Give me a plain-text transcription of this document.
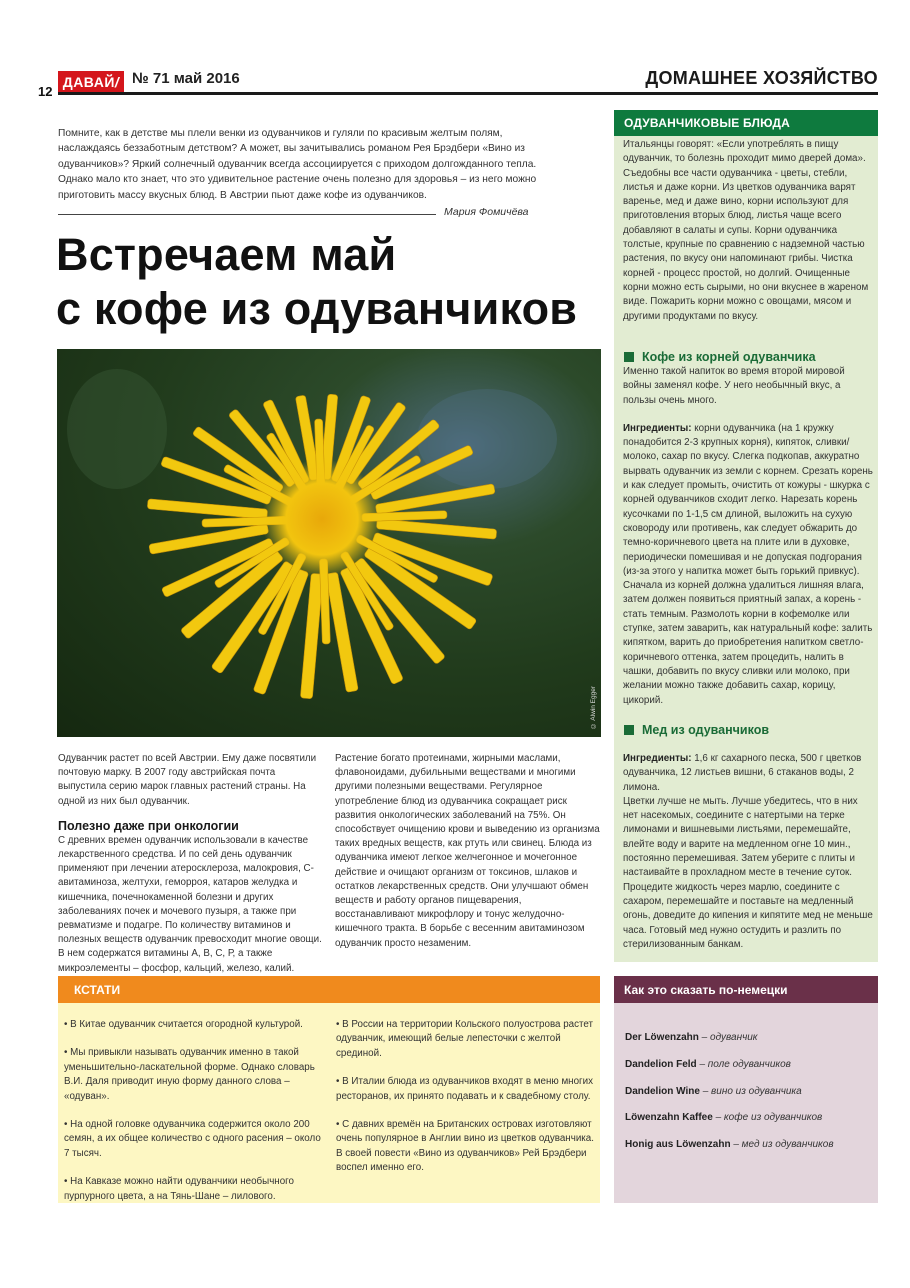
12
ДАВАЙ/ № 71 май 2016	ДОМАШНЕЕ ХОЗЯЙСТВО
Помните, как в детстве мы плели венки из одуванчиков и гуляли по красивым желтым полям, наслаждаясь беззаботным детством? А может, вы зачитывались романом Рея Брэдбери «Вино из одуванчиков»? Яркий солнечный одуванчик всегда ассоциируется с приходом долгожданного тепла. Однако мало кто знает, что это удивительное растение очень полезно для здоровья – из него можно приготовить массу вкусных блюд. В Австрии пьют даже кофе из одуванчиков.
Мария Фомичёва
Встречаем май
с кофе из одуванчиков
© Alwin Egger

Одуванчик растет по всей Австрии. Ему даже посвятили почтовую марку. В 2007 году австрийская почта выпустила серию марок главных растений страны. На одной из них был одуванчик.

Полезно даже при онкологии

С древних времен одуванчик использовали в качестве лекарственного средства. И по сей день одуванчик применяют при лечении атеросклероза, малокровия, С-авитаминоза, желтухи, геморроя, катаров желудка и кишечника, почечнокаменной болезни и других заболеваниях почек и мочевого пузыря, а также при ревматизме и подагре. По количеству витаминов и полезных веществ одуванчик превосходит многие овощи. В нем содержатся витамины А, В, С, Р, а также микроэлементы – фосфор, кальций, железо, калий.

Растение богато протеинами, жирными маслами, флавоноидами, дубильными веществами и многими другими полезными веществами. Регулярное употребление блюд из одуванчика сокращает риск развития онкологических заболеваний на 75%. Он способствует очищению крови и выведению из организма таких вредных веществ, как ртуть или свинец. Блюда из одуванчика имеют легкое желчегонное и мочегонное действие и очищают организм от токсинов, шлаков и остатков лекарственных средств. Они улучшают обмен веществ и работу органов пищеварения, восстанавливают микрофлору и тонус желудочно-кишечного тракта. В борьбе с весенним авитаминозом одуванчик просто незаменим.

ОДУВАНЧИКОВЫЕ БЛЮДА
Итальянцы говорят: «Если употреблять в пищу одуванчик, то болезнь проходит мимо дверей дома». Съедобны все части одуванчика - цветы, стебли, листья и даже корни. Из цветков одуванчика варят варенье, мед и даже вино, корни используют для приготовления вторых блюд, листья чаще всего добавляют в салаты и супы. Корни одуванчика толстые, крупные по сравнению с надземной частью растения, по вкусу они напоминают грибы. Чистка корней - процесс простой, но долгий. Очищенные корни можно есть сырыми, но они вкуснее в жареном виде. Пожарить корни можно с овощами, мясом и другими продуктами по вкусу.
Кофе из корней одуванчика

Именно такой напиток во время второй мировой войны заменял кофе. У него необычный вкус, а пользы очень много.

Ингредиенты: корни одуванчика (на 1 кружку понадобится 2-3 крупных корня), кипяток, сливки/молоко, сахар по вкусу. Слегка подкопав, аккуратно вырвать одуванчик из земли с корнем. Срезать корень и как следует промыть, очистить от кожуры - шкурка с корней одуванчиков сходит легко. Нарезать корень кусочками по 1-1,5 см длиной, выложить на сухую сковороду или противень, как следует обжарить до темно-коричневого цвета на плите или в духовке, периодически помешивая и не допуская подгорания (из-за этого у напитка может быть горький привкус). Сначала из корней должна удалиться лишняя влага, затем должен появиться приятный запах, а корень - стать темным. Размолоть корни в кофемолке или ступке, затем заварить, как натуральный кофе: залить кипятком, варить до приобретения напитком светло-коричневого оттенка, затем процедить, налить в чашки, добавить по вкусу сливки или молоко, при желании можно также добавить сахар, корицу, цикорий.

Мед из одуванчиков

Ингредиенты: 1,6 кг сахарного песка, 500 г цветков одуванчика, 12 листьев вишни, 6 стаканов воды, 2 лимона.

Цветки лучше не мыть. Лучше убедитесь, что в них нет насекомых, соедините с натертыми на терке лимонами и вишневыми листьями, перемешайте, влейте воду и варите на медленном огне 10 мин., постоянно перемешивая. Затем уберите с плиты и настаивайте в прохладном месте в течение суток. Процедите жидкость через марлю, соедините с сахаром, перемешайте и поставьте на медленный огонь, доведите до кипения и кипятите мед не меньше часа. Готовый мед нужно остудить и разлить по стерилизованным банкам.

КСТАТИ

• В Китае одуванчик считается огородной культурой.

• Мы привыкли называть одуванчик именно в такой уменьшительно-ласкательной форме. Однако словарь В.И. Даля приводит иную форму данного слова – «одуван».

• На одной головке одуванчика содержится около 200 семян, а их общее количество с одного расения – около 7 тысяч.

• На Кавказе можно найти одуванчики необычного пурпурного цвета, а на Тянь-Шане – лилового.

• В России на территории Кольского полуострова растет одуванчик, имеющий белые лепесточки с желтой срединой.

• В Италии блюда из одуванчиков входят в меню многих ресторанов, их принято подавать и к свадебному столу.

• С давних времён на Британских островах изготовляют очень популярное в Англии вино из цветков одуванчика. В своей повести «Вино из одуванчиков» Рей Брэдбери воспел именно его.

Как это сказать по-немецки
Der Löwenzahn – одуванчик
Dandelion Feld – поле одуванчиков
Dandelion Wine – вино из одуванчика
Löwenzahn Kaffee – кофе из одуванчиков
Honig aus Löwenzahn – мед из одуванчиков
